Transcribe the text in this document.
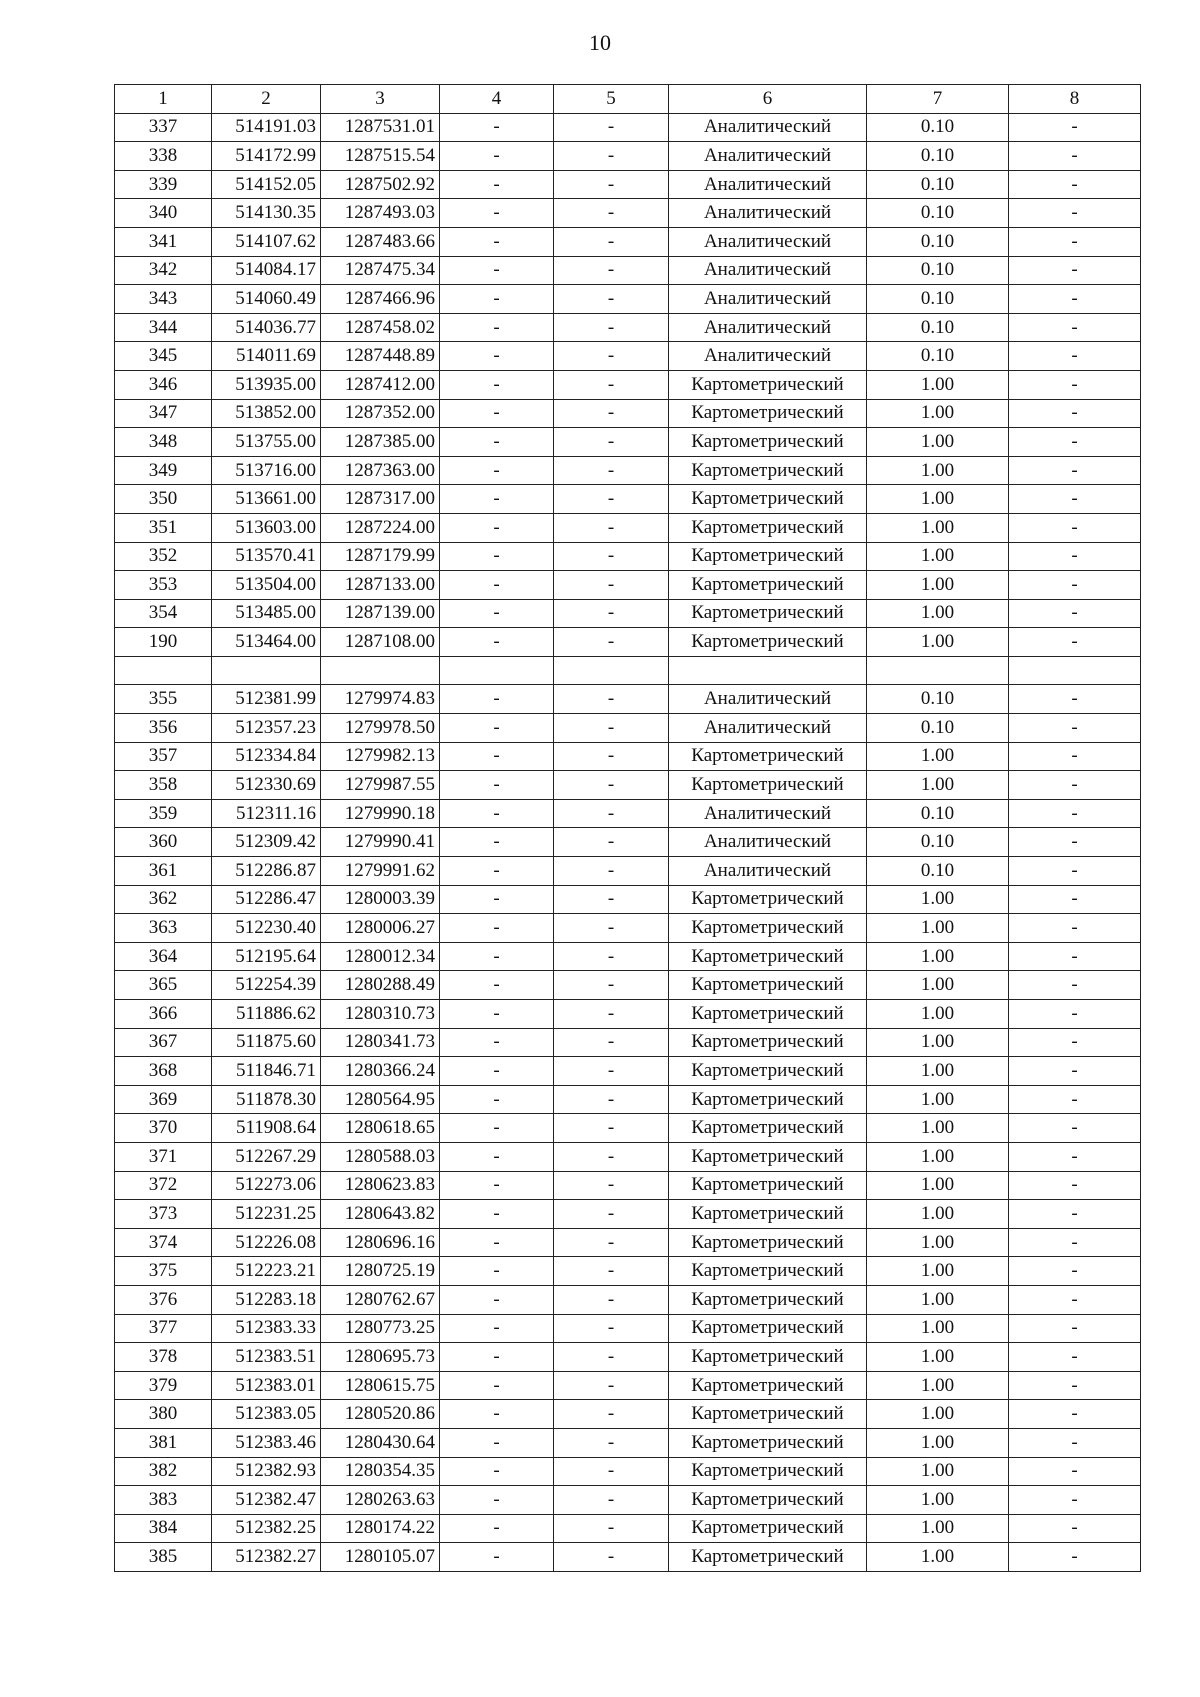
10
1	2	3	4	5	6	7	8
337	514191.03	1287531.01	-	-	Аналитический	0.10	-
338	514172.99	1287515.54	-	-	Аналитический	0.10	-
339	514152.05	1287502.92	-	-	Аналитический	0.10	-
340	514130.35	1287493.03	-	-	Аналитический	0.10	-
341	514107.62	1287483.66	-	-	Аналитический	0.10	-
342	514084.17	1287475.34	-	-	Аналитический	0.10	-
343	514060.49	1287466.96	-	-	Аналитический	0.10	-
344	514036.77	1287458.02	-	-	Аналитический	0.10	-
345	514011.69	1287448.89	-	-	Аналитический	0.10	-
346	513935.00	1287412.00	-	-	Картометрический	1.00	-
347	513852.00	1287352.00	-	-	Картометрический	1.00	-
348	513755.00	1287385.00	-	-	Картометрический	1.00	-
349	513716.00	1287363.00	-	-	Картометрический	1.00	-
350	513661.00	1287317.00	-	-	Картометрический	1.00	-
351	513603.00	1287224.00	-	-	Картометрический	1.00	-
352	513570.41	1287179.99	-	-	Картометрический	1.00	-
353	513504.00	1287133.00	-	-	Картометрический	1.00	-
354	513485.00	1287139.00	-	-	Картометрический	1.00	-
190	513464.00	1287108.00	-	-	Картометрический	1.00	-

355	512381.99	1279974.83	-	-	Аналитический	0.10	-
356	512357.23	1279978.50	-	-	Аналитический	0.10	-
357	512334.84	1279982.13	-	-	Картометрический	1.00	-
358	512330.69	1279987.55	-	-	Картометрический	1.00	-
359	512311.16	1279990.18	-	-	Аналитический	0.10	-
360	512309.42	1279990.41	-	-	Аналитический	0.10	-
361	512286.87	1279991.62	-	-	Аналитический	0.10	-
362	512286.47	1280003.39	-	-	Картометрический	1.00	-
363	512230.40	1280006.27	-	-	Картометрический	1.00	-
364	512195.64	1280012.34	-	-	Картометрический	1.00	-
365	512254.39	1280288.49	-	-	Картометрический	1.00	-
366	511886.62	1280310.73	-	-	Картометрический	1.00	-
367	511875.60	1280341.73	-	-	Картометрический	1.00	-
368	511846.71	1280366.24	-	-	Картометрический	1.00	-
369	511878.30	1280564.95	-	-	Картометрический	1.00	-
370	511908.64	1280618.65	-	-	Картометрический	1.00	-
371	512267.29	1280588.03	-	-	Картометрический	1.00	-
372	512273.06	1280623.83	-	-	Картометрический	1.00	-
373	512231.25	1280643.82	-	-	Картометрический	1.00	-
374	512226.08	1280696.16	-	-	Картометрический	1.00	-
375	512223.21	1280725.19	-	-	Картометрический	1.00	-
376	512283.18	1280762.67	-	-	Картометрический	1.00	-
377	512383.33	1280773.25	-	-	Картометрический	1.00	-
378	512383.51	1280695.73	-	-	Картометрический	1.00	-
379	512383.01	1280615.75	-	-	Картометрический	1.00	-
380	512383.05	1280520.86	-	-	Картометрический	1.00	-
381	512383.46	1280430.64	-	-	Картометрический	1.00	-
382	512382.93	1280354.35	-	-	Картометрический	1.00	-
383	512382.47	1280263.63	-	-	Картометрический	1.00	-
384	512382.25	1280174.22	-	-	Картометрический	1.00	-
385	512382.27	1280105.07	-	-	Картометрический	1.00	-
